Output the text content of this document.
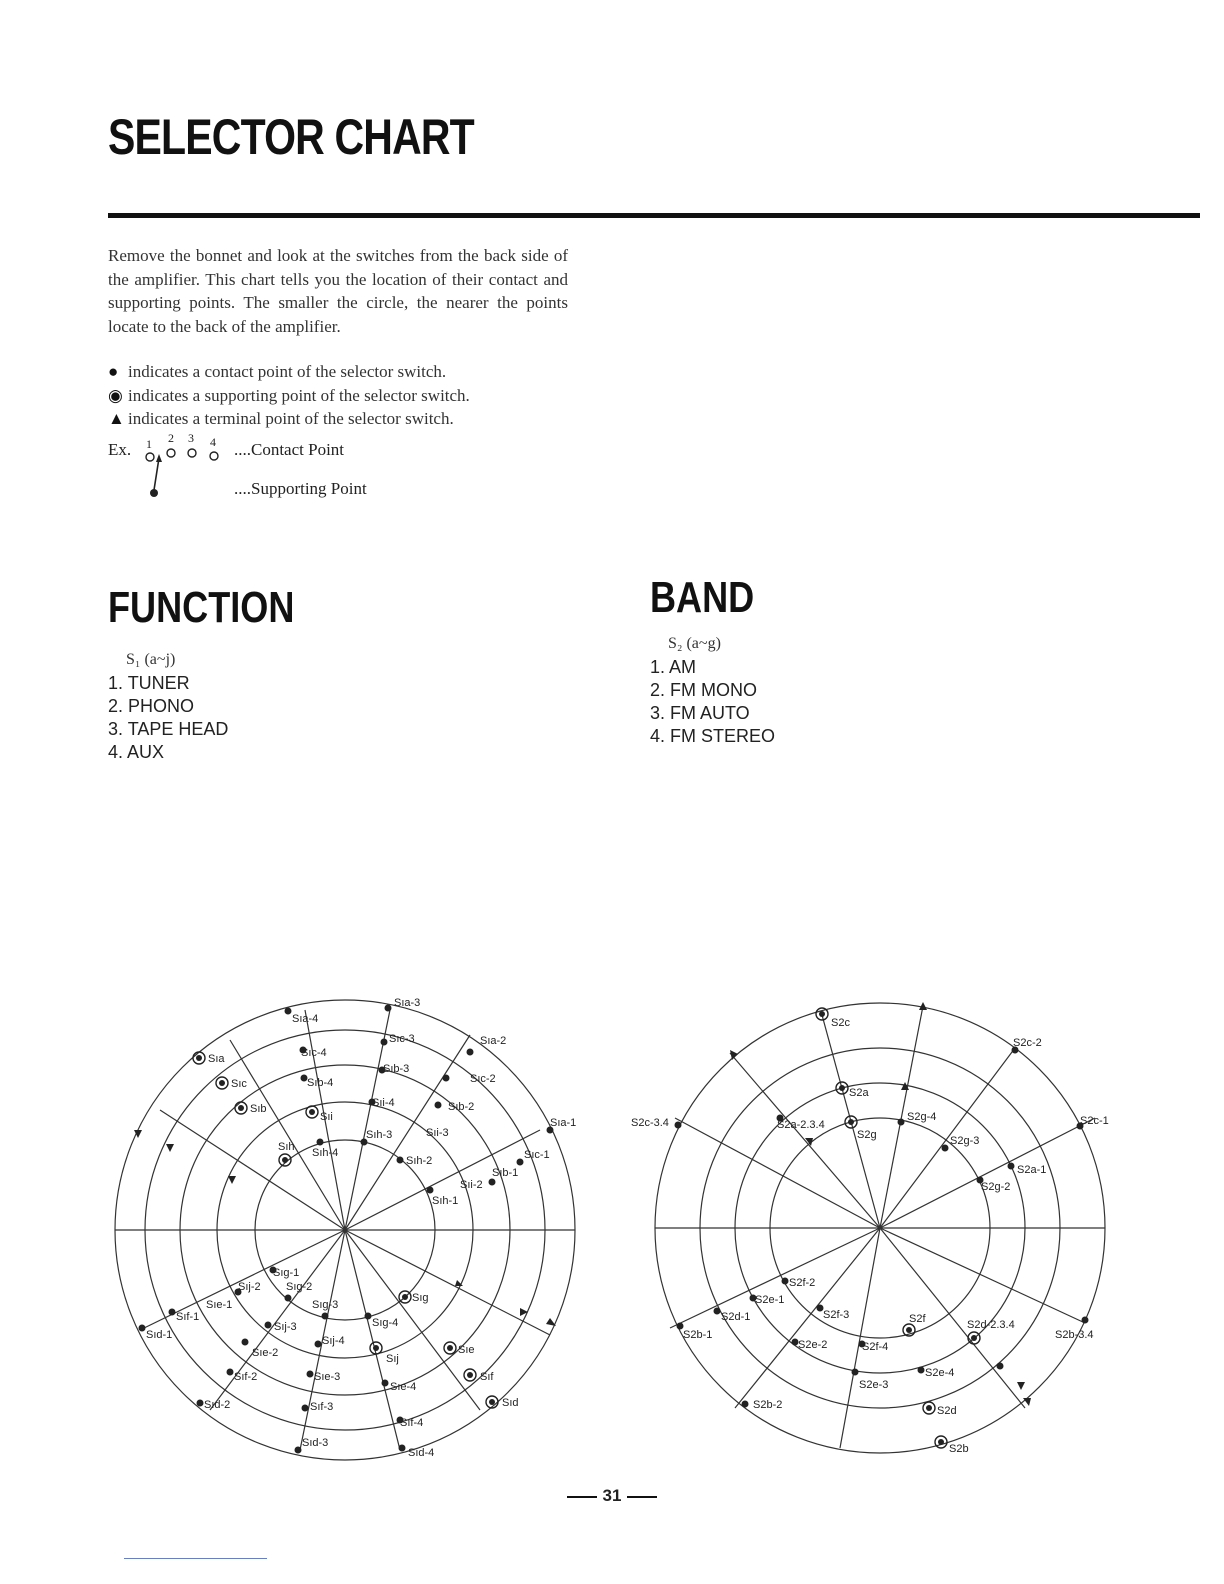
SELECTOR CHART

Remove the bonnet and look at the switches from the back side of the amplifier. This chart tells you the location of their contact and supporting points. The smaller the circle, the nearer the points locate to the back of the amplifier.

● indicates a contact point of the selector switch.
◉ indicates a supporting point of the selector switch.
▲ indicates a terminal point of the selector switch.
Ex. 1 2 3 4 ....Contact Point
....Supporting Point
FUNCTION
S₁ (a~j)
1. TUNER
2. PHONO
3. TAPE HEAD
4. AUX
BAND
S₂ (a~g)
1. AM
2. FM MONO
3. FM AUTO
4. FM STEREO
Sıa-3
Sıa-4
Sıc-3	Sıa-2
Sıa	Sıc-4
Sıb-3
Sıc	Sıb-4	Sıc-2
Sıb	Sıi-4	Sıb-2
Sıa-1
Sıi
Sıh-3	Sıi-3
Sıh Sıh-4
Sıh-2	Sıc-1
Sıb-1
Sıi-2
Sıh-1
Sıg-1
Sıj-2 Sıg-2
Sıe-1	Sıg-3
Sıg
Sıf-1
Sıj-3	Sıg-4
Sıd-1	Sıj-4
Sıe-2	Sıj
Sıe
Sıe-3
Sıf-2	Sıf
Sıe-4
Sıd-2	Sıd
Sıf-3
Sıf-4
Sıd-3
Sıd-4
S2c
S2c-2
S2a
S2c-3.4	S2a-2.3.4
S2g-4	S2c-1
S2g	S2g-3
S2a-1
S2g-2
S2f-2
S2e-1
S2d-1	S2f-3	S2f	S2d-2.3.4
S2b-3.4
S2b-1
S2e-2	S2f-4
S2e-4
S2e-3
S2d
S2b-2
S2b
31
